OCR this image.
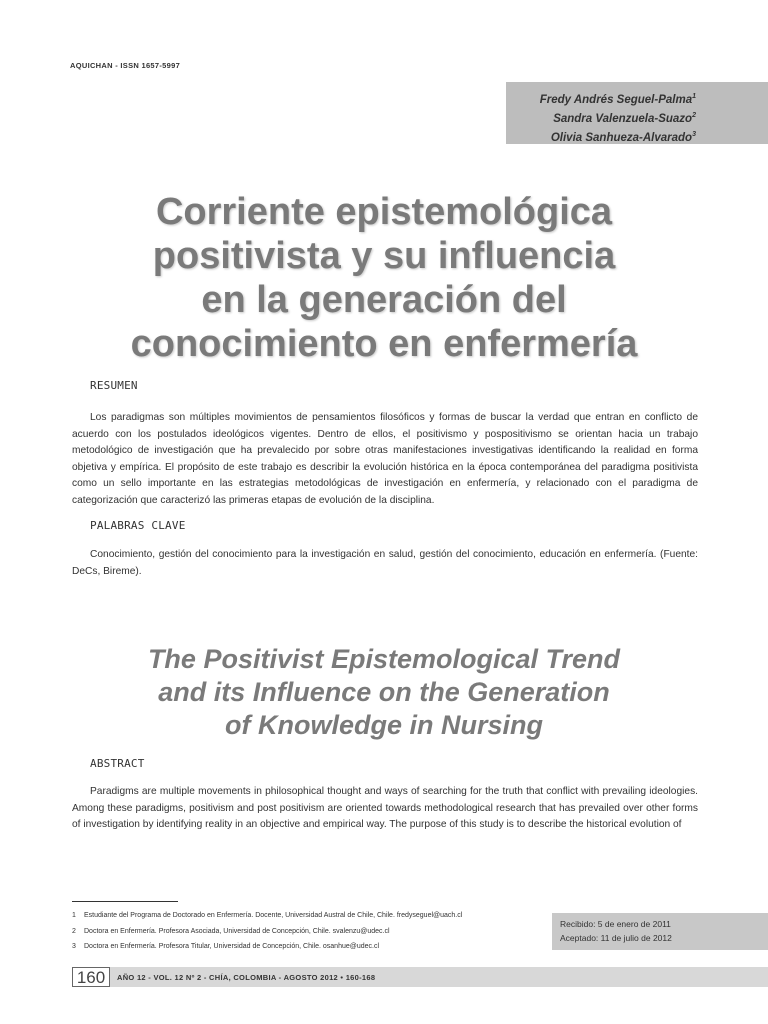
AQUICHAN - ISSN 1657-5997
Fredy Andrés Seguel-Palma$^1$
Sandra Valenzuela-Suazo$^2$
Olivia Sanhueza-Alvarado$^3$
Corriente epistemológica
positivista y su influencia
en la generación del
conocimiento en enfermería
RESUMEN
Los paradigmas son múltiples movimientos de pensamientos filosóficos y formas de buscar la verdad que entran en conflicto de acuerdo con los postulados ideológicos vigentes. Dentro de ellos, el positivismo y pospositivismo se orientan hacia un trabajo metodológico de investigación que ha prevalecido por sobre otras manifestaciones investigativas identificando la realidad en forma objetiva y empírica. El propósito de este trabajo es describir la evolución histórica en la época contemporánea del paradigma positivista como un sello importante en las estrategias metodológicas de investigación en enfermería, y relacionado con el paradigma de categorización que caracterizó las primeras etapas de evolución de la disciplina.
PALABRAS CLAVE
Conocimiento, gestión del conocimiento para la investigación en salud, gestión del conocimiento, educación en enfermería. (Fuente: DeCs, Bireme).
The Positivist Epistemological Trend
and its Influence on the Generation
of Knowledge in Nursing
ABSTRACT
Paradigms are multiple movements in philosophical thought and ways of searching for the truth that conflict with prevailing ideologies. Among these paradigms, positivism and post positivism are oriented towards methodological research that has prevailed over other forms of investigation by identifying reality in an objective and empirical way. The purpose of this study is to describe the historical evolution of
1 Estudiante del Programa de Doctorado en Enfermería. Docente, Universidad Austral de Chile, Chile. fredyseguel@uach.cl
2 Doctora en Enfermería. Profesora Asociada, Universidad de Concepción, Chile. svalenzu@udec.cl
3 Doctora en Enfermería. Profesora Titular, Universidad de Concepción, Chile. osanhue@udec.cl
Recibido: 5 de enero de 2011
Aceptado: 11 de julio de 2012
160	AÑO 12 - VOL. 12 Nº 2 - CHÍA, COLOMBIA - AGOSTO 2012 • 160-168
